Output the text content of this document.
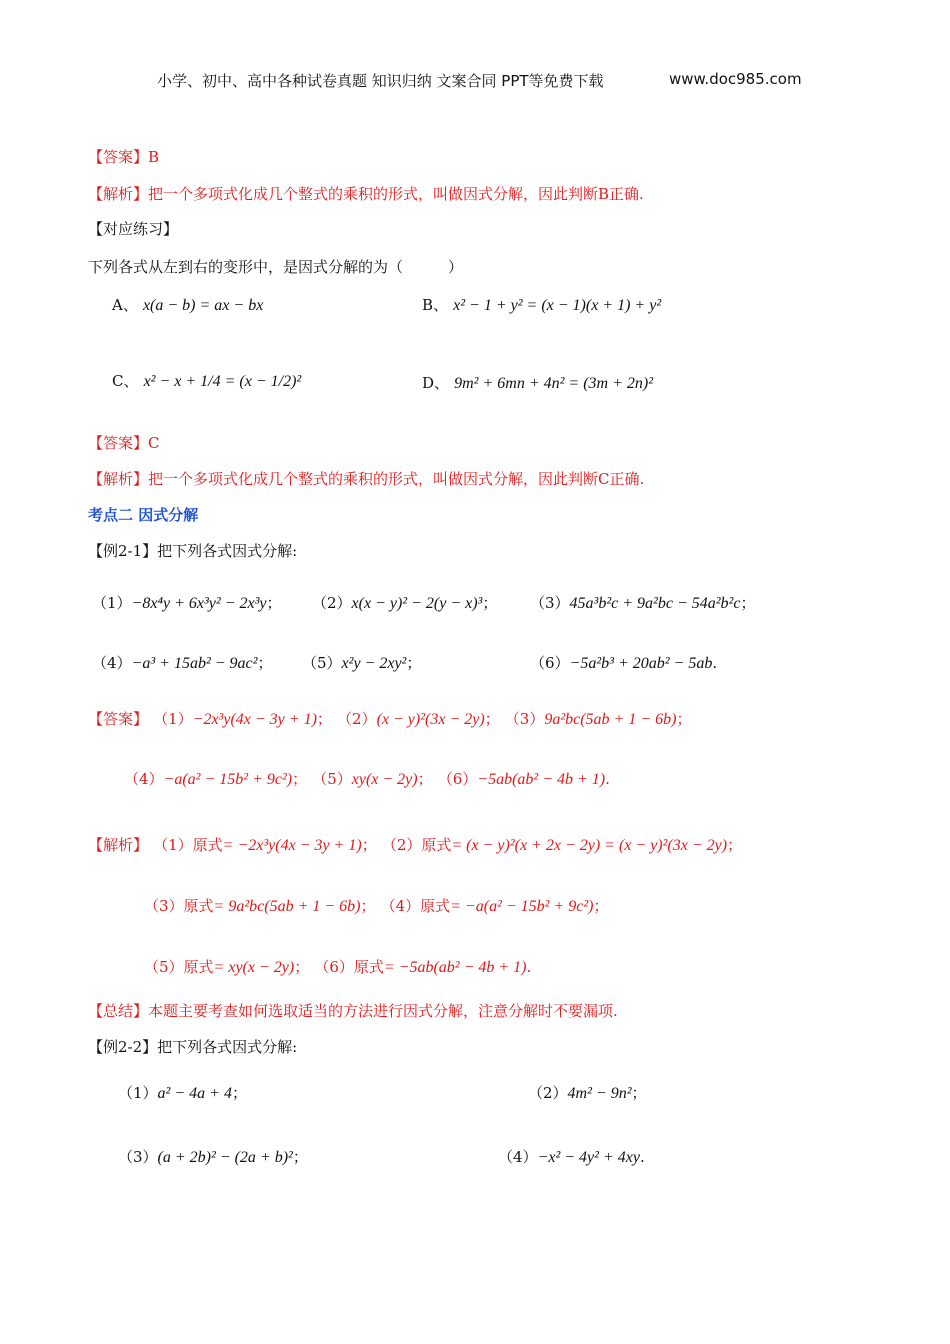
小学、初中、高中各种试卷真题 知识归纳 文案合同 PPT等免费下载	www.doc985.com
【答案】B
【解析】把一个多项式化成几个整式的乘积的形式，叫做因式分解，因此判断B正确.
【对应练习】
下列各式从左到右的变形中，是因式分解的为（　　　）
A、 x(a − b) = ax − bx	B、 x² − 1 + y² = (x − 1)(x + 1) + y²
C、 x² − x + 1/4 = (x − 1/2)²	D、 9m² + 6mn + 4n² = (3m + 2n)²
【答案】C
【解析】把一个多项式化成几个整式的乘积的形式，叫做因式分解，因此判断C正确.
考点二 因式分解
【例2-1】把下列各式因式分解:
（1）−8x⁴y + 6x³y² − 2x³y； （2）x(x − y)² − 2(y − x)³； （3）45a³b²c + 9a²bc − 54a²b²c；
（4）−a³ + 15ab² − 9ac²； （5）x²y − 2xy²；	（6）−5a²b³ + 20ab² − 5ab.
【答案】 （1）−2x³y(4x − 3y + 1)； （2）(x − y)²(3x − 2y)； （3）9a²bc(5ab + 1 − 6b)；
（4）−a(a² − 15b² + 9c²)； （5）xy(x − 2y)； （6）−5ab(ab² − 4b + 1).
【解析】 （1）原式= −2x³y(4x − 3y + 1)； （2）原式= (x − y)²(x + 2x − 2y) = (x − y)²(3x − 2y)；
（3）原式= 9a²bc(5ab + 1 − 6b)； （4）原式= −a(a² − 15b² + 9c²)；
（5）原式= xy(x − 2y)； （6）原式= −5ab(ab² − 4b + 1).
【总结】本题主要考查如何选取适当的方法进行因式分解，注意分解时不要漏项.
【例2-2】把下列各式因式分解:
（1）a² − 4a + 4；	（2）4m² − 9n²；
（3）(a + 2b)² − (2a + b)²；	（4）−x² − 4y² + 4xy.
